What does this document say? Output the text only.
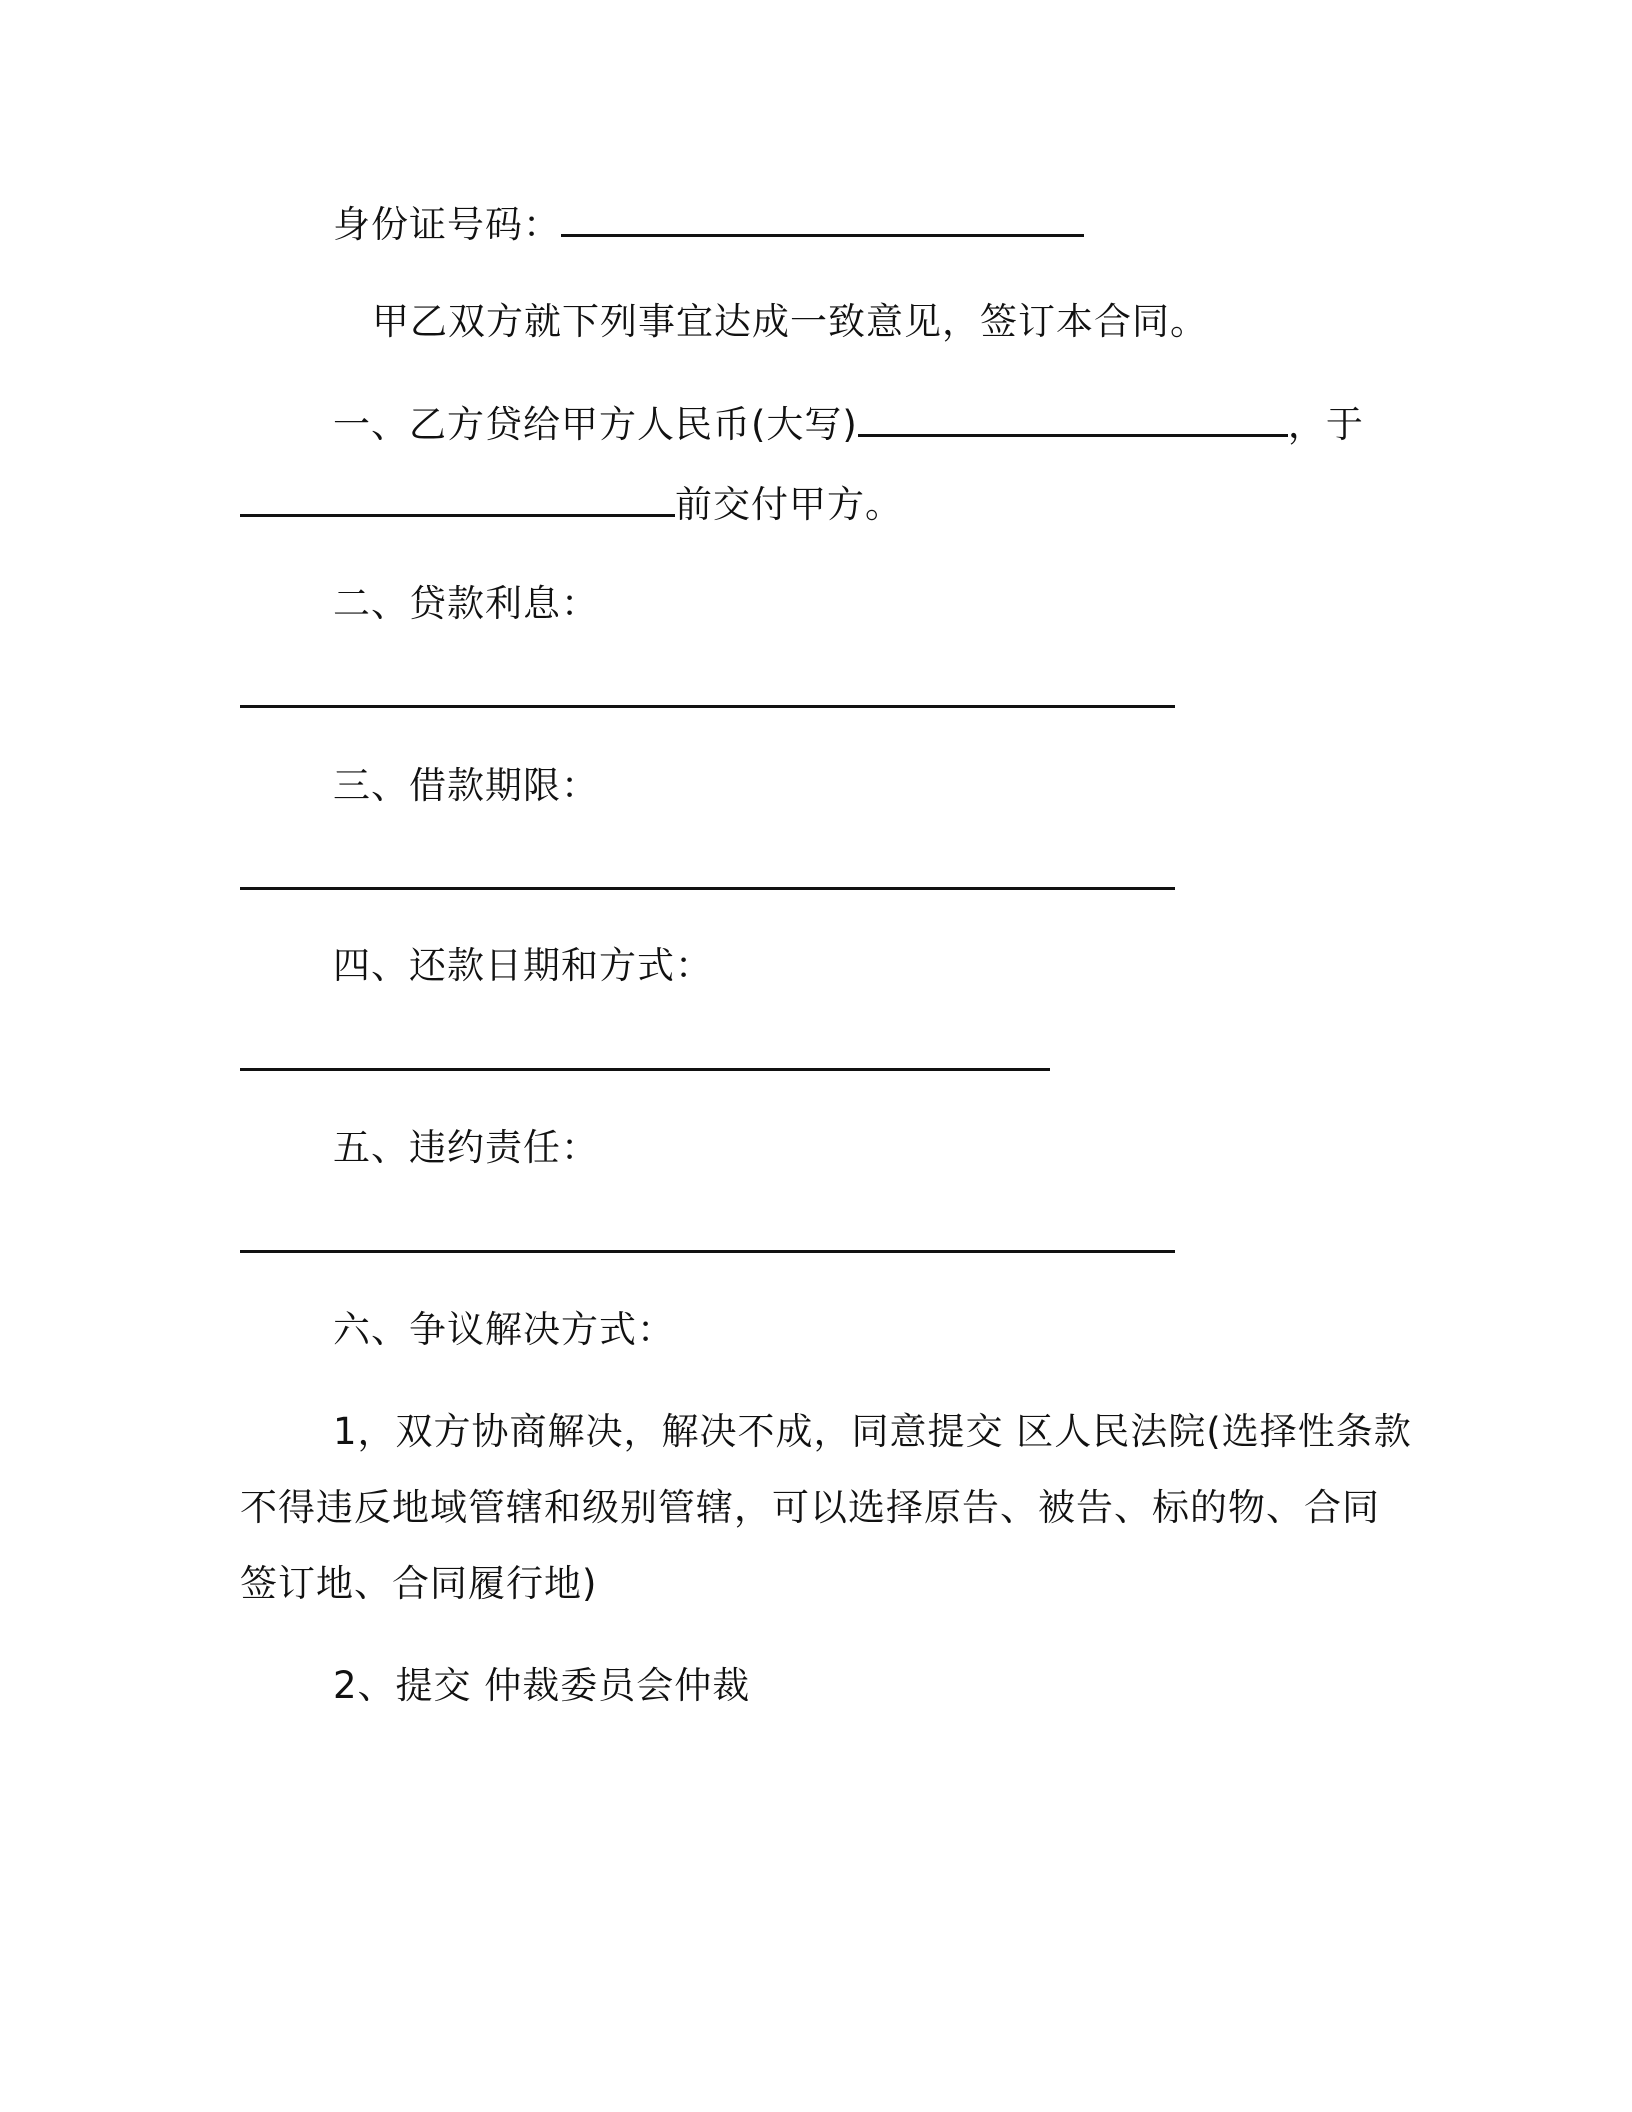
身份证号码：
甲乙双方就下列事宜达成一致意见，签订本合同。
一、乙方贷给甲方人民币(大写)	，于
前交付甲方。
二、贷款利息：
三、借款期限：
四、还款日期和方式：
五、违约责任：
六、争议解决方式：
1，双方协商解决，解决不成，同意提交 区人民法院(选择性条款
不得违反地域管辖和级别管辖，可以选择原告、被告、标的物、合同
签订地、合同履行地)
2、提交 仲裁委员会仲裁
